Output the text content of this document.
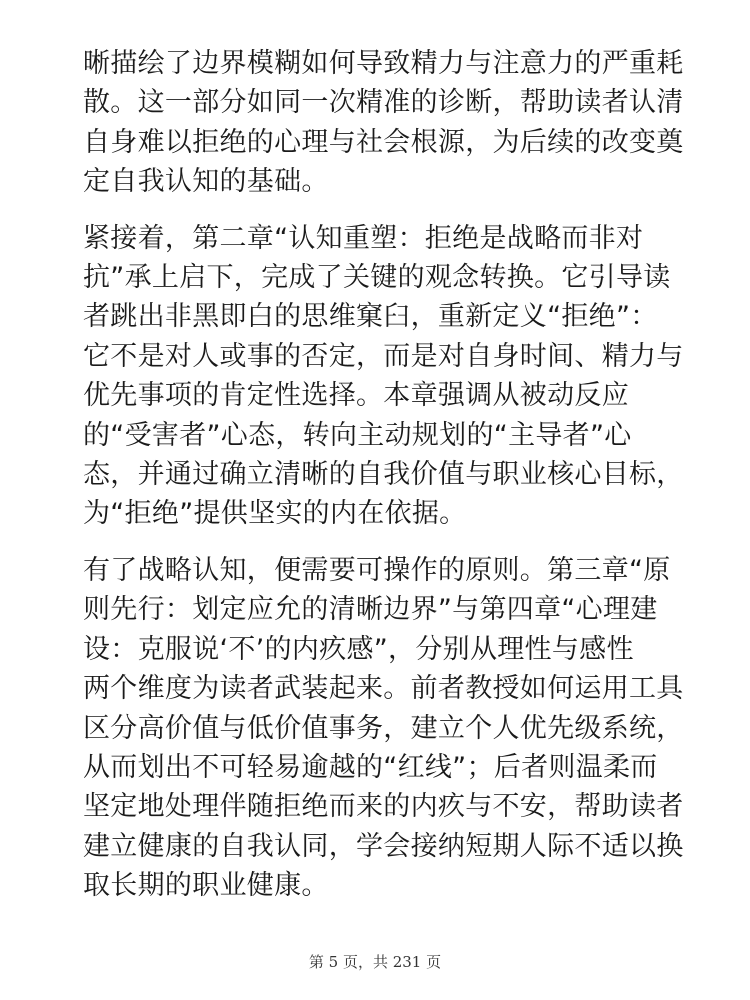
晰描绘了边界模糊如何导致精力与注意力的严重耗
散。这一部分如同一次精准的诊断，帮助读者认清
自身难以拒绝的心理与社会根源，为后续的改变奠
定自我认知的基础。

紧接着，第二章“认知重塑：拒绝是战略而非对
抗”承上启下，完成了关键的观念转换。它引导读
者跳出非黑即白的思维窠臼，重新定义“拒绝”：
它不是对人或事的否定，而是对自身时间、精力与
优先事项的肯定性选择。本章强调从被动反应
的“受害者”心态，转向主动规划的“主导者”心
态，并通过确立清晰的自我价值与职业核心目标，
为“拒绝”提供坚实的内在依据。

有了战略认知，便需要可操作的原则。第三章“原
则先行：划定应允的清晰边界”与第四章“心理建
设：克服说‘不’的内疚感”，分别从理性与感性
两个维度为读者武装起来。前者教授如何运用工具
区分高价值与低价值事务，建立个人优先级系统，
从而划出不可轻易逾越的“红线”；后者则温柔而
坚定地处理伴随拒绝而来的内疚与不安，帮助读者
建立健康的自我认同，学会接纳短期人际不适以换
取长期的职业健康。

第 5 页，共 231 页
